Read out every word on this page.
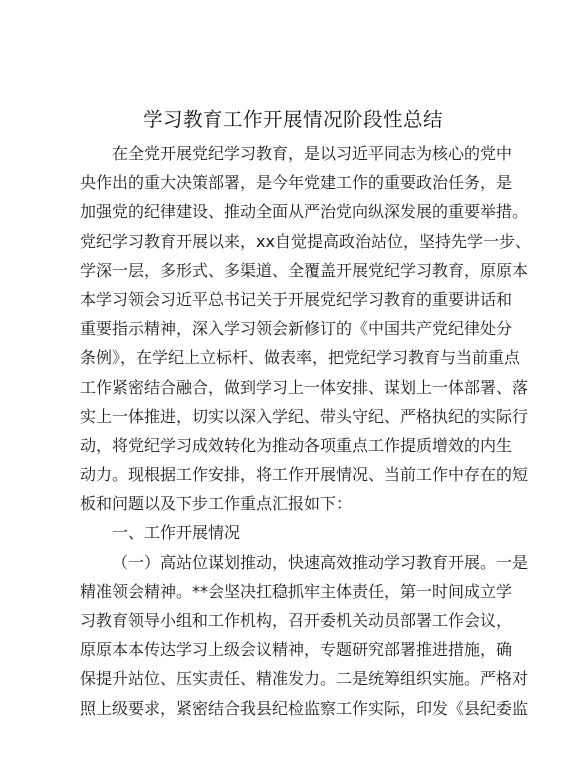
学习教育工作开展情况阶段性总结
在全党开展党纪学习教育，是以习近平同志为核心的党中
央作出的重大决策部署，是今年党建工作的重要政治任务，是
加强党的纪律建设、推动全面从严治党向纵深发展的重要举措。
党纪学习教育开展以来，xx自觉提高政治站位，坚持先学一步、
学深一层，多形式、多渠道、全覆盖开展党纪学习教育，原原本
本学习领会习近平总书记关于开展党纪学习教育的重要讲话和
重要指示精神，深入学习领会新修订的《中国共产党纪律处分
条例》，在学纪上立标杆、做表率，把党纪学习教育与当前重点
工作紧密结合融合，做到学习上一体安排、谋划上一体部署、落
实上一体推进，切实以深入学纪、带头守纪、严格执纪的实际行
动，将党纪学习成效转化为推动各项重点工作提质增效的内生
动力。现根据工作安排，将工作开展情况、当前工作中存在的短
板和问题以及下步工作重点汇报如下：
一、工作开展情况
（一）高站位谋划推动，快速高效推动学习教育开展。一是
精准领会精神。**会坚决扛稳抓牢主体责任，第一时间成立学
习教育领导小组和工作机构，召开委机关动员部署工作会议，
原原本本传达学习上级会议精神，专题研究部署推进措施，确
保提升站位、压实责任、精准发力。二是统筹组织实施。严格对
照上级要求，紧密结合我县纪检监察工作实际，印发《县纪委监
